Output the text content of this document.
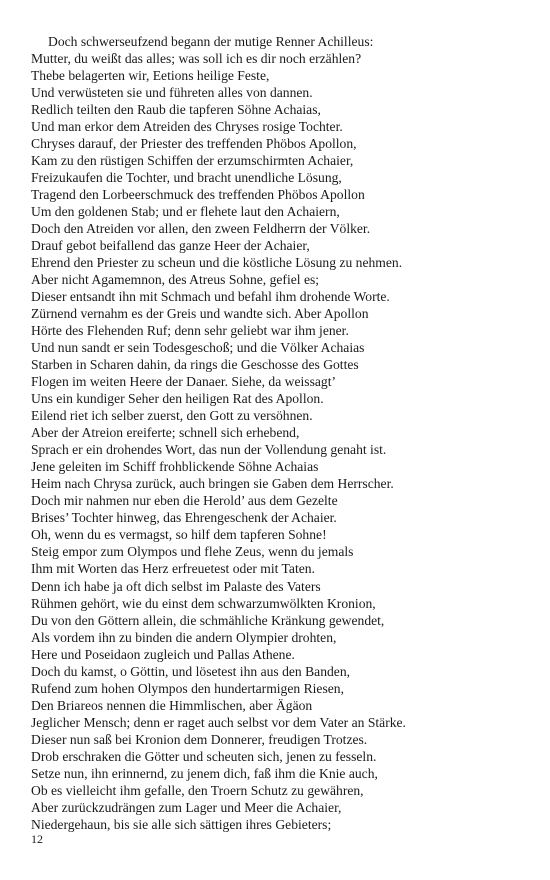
Doch schwerseufzend begann der mutige Renner Achilleus:
Mutter, du weißt das alles; was soll ich es dir noch erzählen?
Thebe belagerten wir, Eetions heilige Feste,
Und verwüsteten sie und führeten alles von dannen.
Redlich teilten den Raub die tapferen Söhne Achaias,
Und man erkor dem Atreiden des Chryses rosige Tochter.
Chryses darauf, der Priester des treffenden Phöbos Apollon,
Kam zu den rüstigen Schiffen der erzumschirmten Achaier,
Freizukaufen die Tochter, und bracht unendliche Lösung,
Tragend den Lorbeerschmuck des treffenden Phöbos Apollon
Um den goldenen Stab; und er flehete laut den Achaiern,
Doch den Atreiden vor allen, den zween Feldherrn der Völker.
Drauf gebot beifallend das ganze Heer der Achaier,
Ehrend den Priester zu scheun und die köstliche Lösung zu nehmen.
Aber nicht Agamemnon, des Atreus Sohne, gefiel es;
Dieser entsandt ihn mit Schmach und befahl ihm drohende Worte.
Zürnend vernahm es der Greis und wandte sich. Aber Apollon
Hörte des Flehenden Ruf; denn sehr geliebt war ihm jener.
Und nun sandt er sein Todesgeschoß; und die Völker Achaias
Starben in Scharen dahin, da rings die Geschosse des Gottes
Flogen im weiten Heere der Danaer. Siehe, da weissagt’
Uns ein kundiger Seher den heiligen Rat des Apollon.
Eilend riet ich selber zuerst, den Gott zu versöhnen.
Aber der Atreion ereiferte; schnell sich erhebend,
Sprach er ein drohendes Wort, das nun der Vollendung genaht ist.
Jene geleiten im Schiff frohblickende Söhne Achaias
Heim nach Chrysa zurück, auch bringen sie Gaben dem Herrscher.
Doch mir nahmen nur eben die Herold’ aus dem Gezelte
Brises’ Tochter hinweg, das Ehrengeschenk der Achaier.
Oh, wenn du es vermagst, so hilf dem tapferen Sohne!
Steig empor zum Olympos und flehe Zeus, wenn du jemals
Ihm mit Worten das Herz erfreuetest oder mit Taten.
Denn ich habe ja oft dich selbst im Palaste des Vaters
Rühmen gehört, wie du einst dem schwarzumwölkten Kronion,
Du von den Göttern allein, die schmähliche Kränkung gewendet,
Als vordem ihn zu binden die andern Olympier drohten,
Here und Poseidaon zugleich und Pallas Athene.
Doch du kamst, o Göttin, und lösetest ihn aus den Banden,
Rufend zum hohen Olympos den hundertarmigen Riesen,
Den Briareos nennen die Himmlischen, aber Ägäon
Jeglicher Mensch; denn er raget auch selbst vor dem Vater an Stärke.
Dieser nun saß bei Kronion dem Donnerer, freudigen Trotzes.
Drob erschraken die Götter und scheuten sich, jenen zu fesseln.
Setze nun, ihn erinnernd, zu jenem dich, faß ihm die Knie auch,
Ob es vielleicht ihm gefalle, den Troern Schutz zu gewähren,
Aber zurückzudrängen zum Lager und Meer die Achaier,
Niedergehaun, bis sie alle sich sättigen ihres Gebieters;
12
